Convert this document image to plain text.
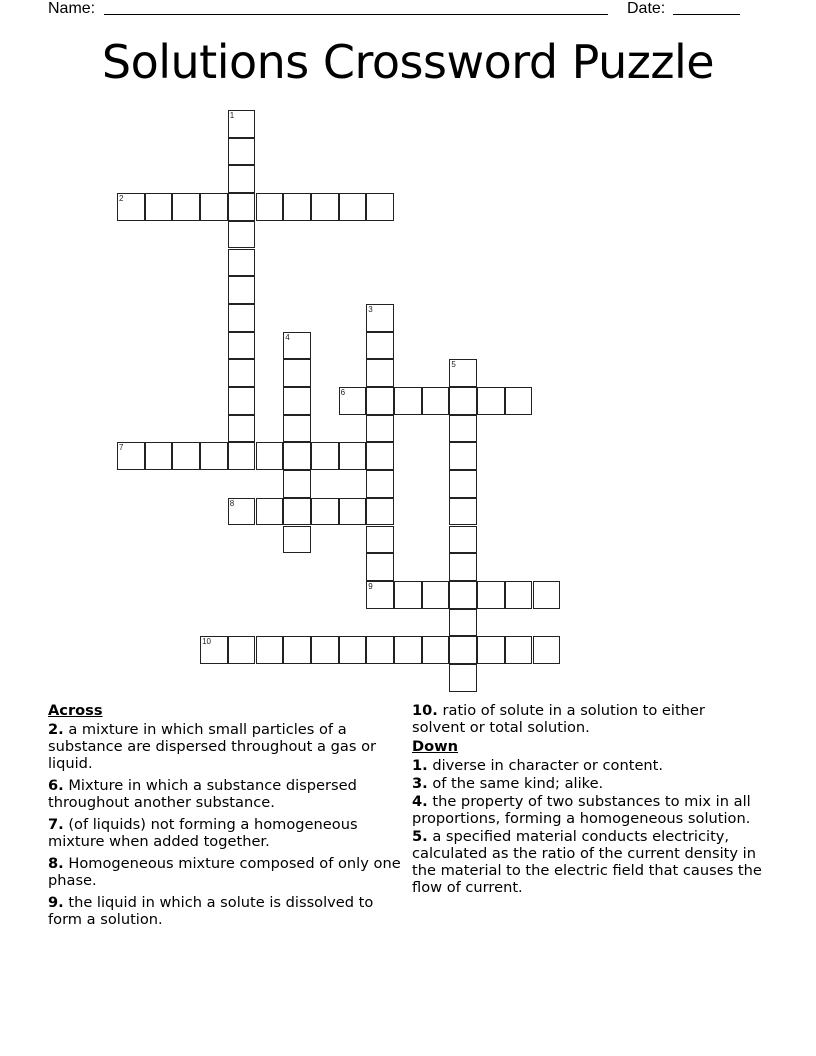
Name:	Date:
Solutions Crossword Puzzle
1
2
3
9
4
5
6
7
8
10
Across
2. a mixture in which small particles of a substance are dispersed throughout a gas or liquid.
6. Mixture in which a substance dispersed throughout another substance.
7. (of liquids) not forming a homogeneous mixture when added together.
8. Homogeneous mixture composed of only one phase.
9. the liquid in which a solute is dissolved to form a solution.
10. ratio of solute in a solution to either solvent or total solution.
Down
1. diverse in character or content.
3. of the same kind; alike.
4. the property of two substances to mix in all proportions, forming a homogeneous solution.
5. a specified material conducts electricity, calculated as the ratio of the current density in the material to the electric field that causes the flow of current.
